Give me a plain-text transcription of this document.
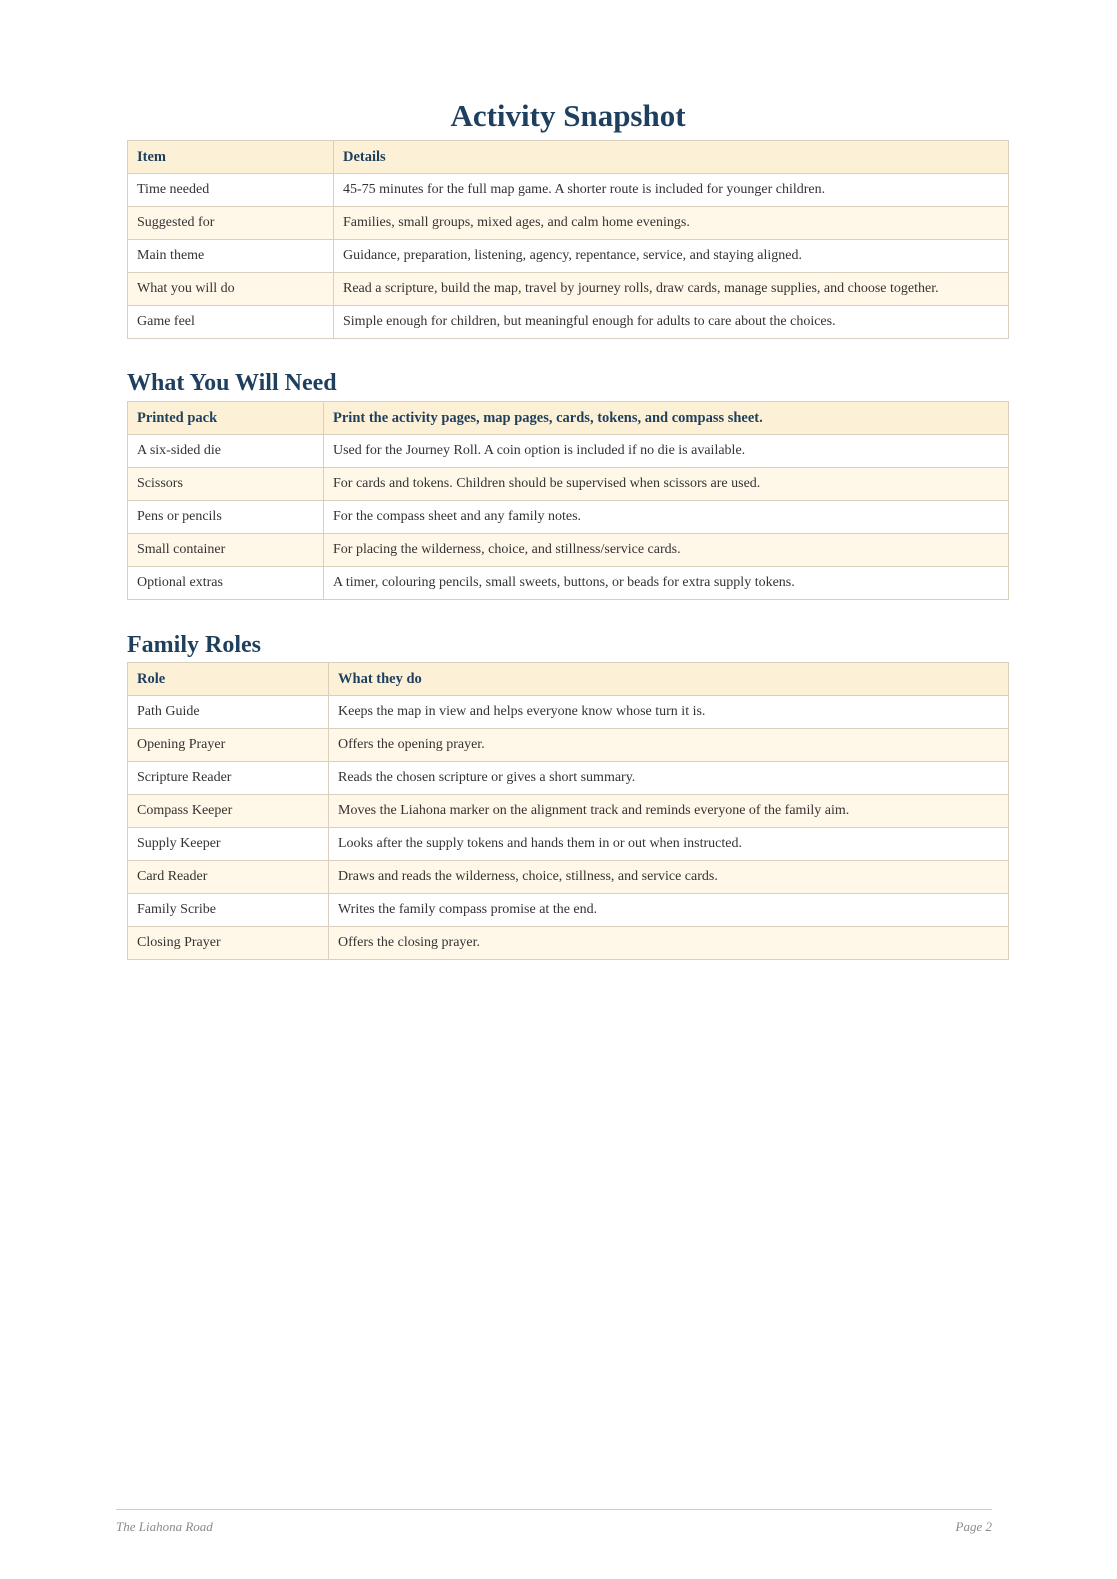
Activity Snapshot
Item	Details
Time needed	45-75 minutes for the full map game. A shorter route is included for younger children.
Suggested for	Families, small groups, mixed ages, and calm home evenings.
Main theme	Guidance, preparation, listening, agency, repentance, service, and staying aligned.
What you will do	Read a scripture, build the map, travel by journey rolls, draw cards, manage supplies, and choose together.
Game feel	Simple enough for children, but meaningful enough for adults to care about the choices.
What You Will Need
Printed pack	Print the activity pages, map pages, cards, tokens, and compass sheet.
A six-sided die	Used for the Journey Roll. A coin option is included if no die is available.
Scissors	For cards and tokens. Children should be supervised when scissors are used.
Pens or pencils	For the compass sheet and any family notes.
Small container	For placing the wilderness, choice, and stillness/service cards.
Optional extras	A timer, colouring pencils, small sweets, buttons, or beads for extra supply tokens.
Family Roles
Role	What they do
Path Guide	Keeps the map in view and helps everyone know whose turn it is.
Opening Prayer	Offers the opening prayer.
Scripture Reader	Reads the chosen scripture or gives a short summary.
Compass Keeper	Moves the Liahona marker on the alignment track and reminds everyone of the family aim.
Supply Keeper	Looks after the supply tokens and hands them in or out when instructed.
Card Reader	Draws and reads the wilderness, choice, stillness, and service cards.
Family Scribe	Writes the family compass promise at the end.
Closing Prayer	Offers the closing prayer.
The Liahona Road	Page 2
